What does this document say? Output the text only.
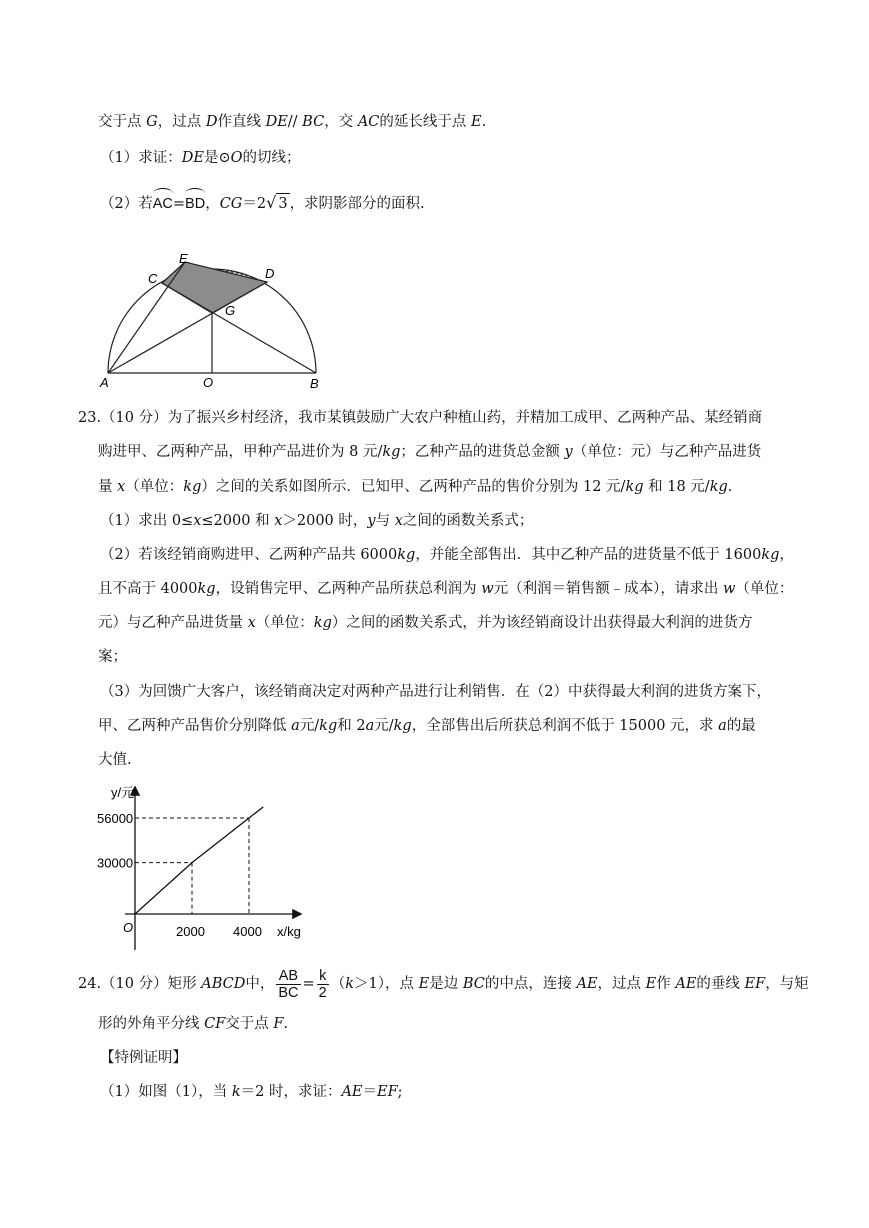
交于点 G，过点 D作直线 DE// BC，交 AC的延长线于点 E.
（1）求证：DE是⊙O的切线；
（2）若AC=BD，CG＝2√ 3 ，求阴影部分的面积.
E
C	D
G
A	O	B
23.（10 分）为了振兴乡村经济，我市某镇鼓励广大农户种植山药，并精加工成甲、乙两种产品、某经销商
购进甲、乙两种产品，甲种产品进价为 8 元/kg；乙种产品的进货总金额 y（单位：元）与乙种产品进货
量 x（单位：kg）之间的关系如图所示．已知甲、乙两种产品的售价分别为 12 元/kg 和 18 元/kg.
（1）求出 0≤x≤2000 和 x＞2000 时，y与 x之间的函数关系式；
（2）若该经销商购进甲、乙两种产品共 6000kg，并能全部售出．其中乙种产品的进货量不低于 1600kg，
且不高于 4000kg，设销售完甲、乙两种产品所获总利润为 w元（利润＝销售额﹣成本），请求出 w（单位：
元）与乙种产品进货量 x（单位：kg）之间的函数关系式，并为该经销商设计出获得最大利润的进货方
案；
（3）为回馈广大客户，该经销商决定对两种产品进行让利销售．在（2）中获得最大利润的进货方案下，
甲、乙两种产品售价分别降低 a元/kg和 2a元/kg，全部售出后所获总利润不低于 15000 元，求 a的最
大值.
30000
56000
2000 4000
y/元
x/kg
O
24.（10 分）矩形 ABCD中， $\frac{AB}{BC} = \frac{k}{2} (k>1)$，点 E是边 BC的中点，连接 AE，过点 E作 AE的垂线 EF，与矩
形的外角平分线 CF交于点 F.
【特例证明】
（1）如图（1），当 k＝2 时，求证：AE＝EF;
